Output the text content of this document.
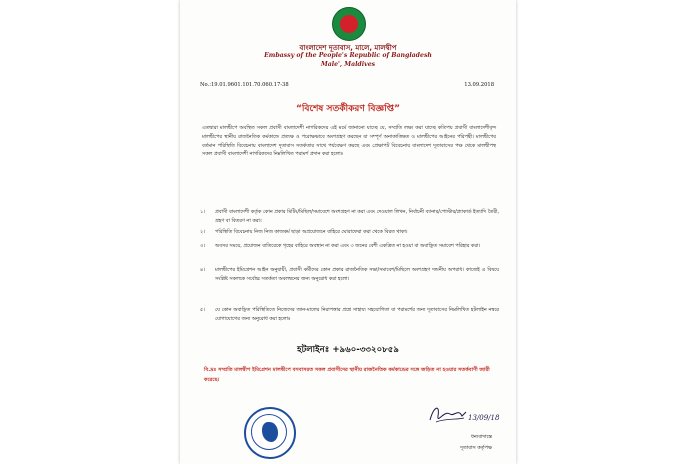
বাংলাদেশ দূতাবাস, মালে, মালদ্বীপ
Embassy of the People's Republic of Bangladesh
Male', Maldives
No.:19.01.9601.101.70.060.17-38	13.09.2018
“বিশেষ সতর্কীকরণ বিজ্ঞপ্তি”
এতদ্বারা মালদ্বীপে অবস্থিত সকল প্রবাসী বাংলাদেশী নাগরিকদের এই মর্মে জানানো যাচ্ছে যে, সম্প্রতি লক্ষ্য করা যাচ্ছে কতিপয় প্রবাসী বাংলাদেশীবৃন্দ মালদ্বীপের স্থানীয় রাজনৈতিক কর্মকান্ডে প্রত্যক্ষ ও পরোক্ষভাবে অংশগ্রহণ করছেন যা সম্পূর্ণ অনাকাঙ্ক্ষিত ও মালদ্বীপের আইনের পরিপন্থী। মালদ্বীপের বর্তমান পরিস্থিতি বিবেচনায় বাংলাদেশ দূতাবাস সতর্কতার সাথে পর্যবেক্ষণ করছে এবং প্রেক্ষাপট বিবেচনায় বাংলাদেশ দূতাবাসের পক্ষ থেকে মালদ্বীপস্থ সকল প্রবাসী বাংলাদেশী নাগরিকদের নিম্নলিখিত পরামর্শ প্রদান করা হলোঃ
১।	প্রবাসী বাংলাদেশী কর্তৃক কোন প্রকার মিটিং/মিছিল/সমাবেশে অংশগ্রহণ না করা এবং দেওয়াল লিখন, নির্বাচনী ব্যানার/পোস্টার/প্ল্যাকার্ড ইত্যাদি তৈরী, গ্রহণ বা বিতরণ না করা।
২।	পরিস্থিতি বিবেচনায় নিজ নিজ কাজকর্ম ছাড়া অপ্রয়োজনে বাহিরে ঘোরাফেরা করা থেকে বিরত থাকা।
৩।	অবসর সময়ে, প্রয়োজন ব্যতিরেকে গৃহের বাহিরে অবস্থান না করা এবং ৩ জনের বেশী একত্রিত না হওয়া বা অবাঞ্ছিত সমাবেশ পরিহার করা।
৪।	মালদ্বীপের ইমিগ্রেশন আইন অনুযায়ী, প্রবাসী কর্মীদের কোন প্রকার রাজনৈতিক সভা/সমাবেশ/মিছিলে অংশগ্রহণ দন্ডনীয় অপরাধ। কাজেই এ বিষয়ে সংশ্লিষ্ট সকলকে সর্বোচ্চ সতর্কতা অবলম্বনের জন্য অনুরোধ করা হলো।
৫।	যে কোন অবাঞ্ছিত পরিস্থিতিতে নিজেদের জান-মালের নিরাপত্তার প্রশ্নে সাহায্য সহযোগিতা বা পরামর্শের জন্য দূতাবাসের নিম্নলিখিত হটলাইন নম্বরে যোগাযোগের জন্য অনুরোধ করা হলোঃ
হটলাইনঃ +৯৬০-৩৩২০৮৫৯
বি.দ্রঃ সম্প্রতি মালদ্বীপ ইমিগ্রেশন মালদ্বীপে বসবাসরত সকল প্রবাসীদের স্থানীয় রাজনৈতিক কর্মকান্ডের সঙ্গে জড়িত না হওয়ার সতর্কবাণী জারী করেছে।
13/09/18
ধন্যবাদান্তে
দূতাবাস কর্তৃপক্ষ
